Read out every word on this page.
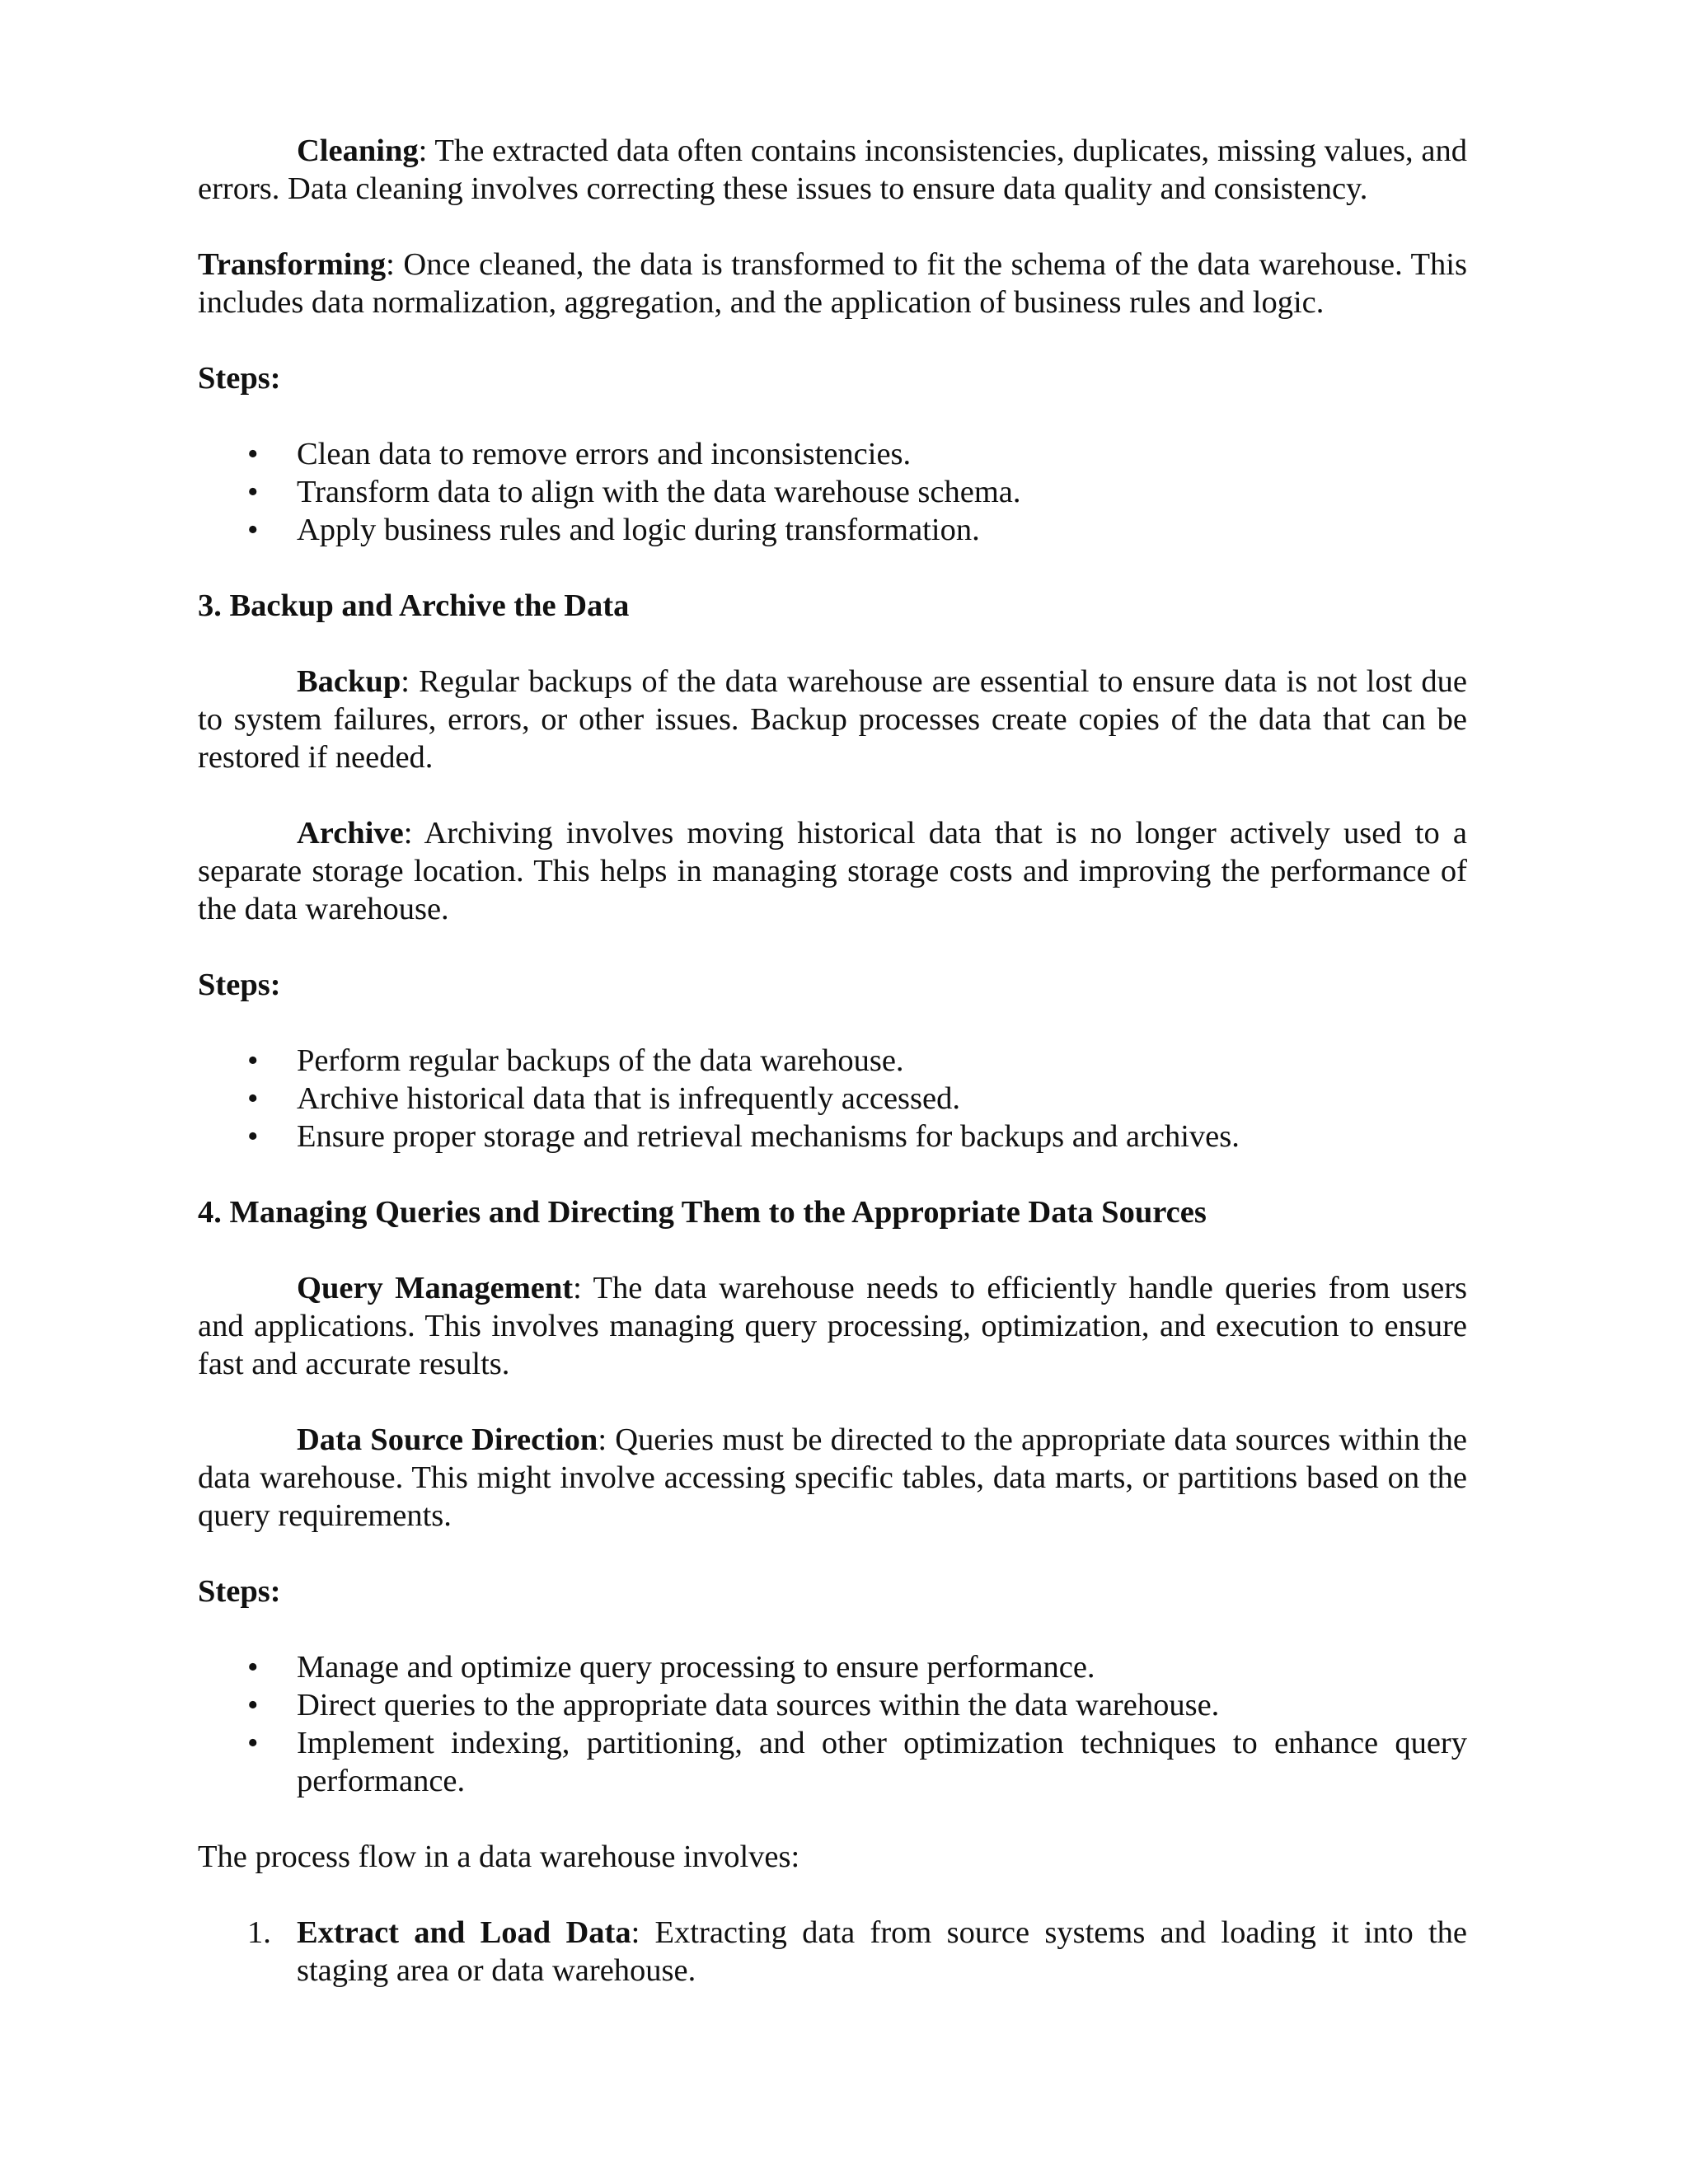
Cleaning: The extracted data often contains inconsistencies, duplicates, missing values, and errors. Data cleaning involves correcting these issues to ensure data quality and consistency.

Transforming: Once cleaned, the data is transformed to fit the schema of the data warehouse. This includes data normalization, aggregation, and the application of business rules and logic.

Steps:

• Clean data to remove errors and inconsistencies.
• Transform data to align with the data warehouse schema.
• Apply business rules and logic during transformation.
3. Backup and Archive the Data

Backup: Regular backups of the data warehouse are essential to ensure data is not lost due to system failures, errors, or other issues. Backup processes create copies of the data that can be restored if needed.

Archive: Archiving involves moving historical data that is no longer actively used to a separate storage location. This helps in managing storage costs and improving the performance of the data warehouse.

Steps:

• Perform regular backups of the data warehouse.
• Archive historical data that is infrequently accessed.
• Ensure proper storage and retrieval mechanisms for backups and archives.
4. Managing Queries and Directing Them to the Appropriate Data Sources

Query Management: The data warehouse needs to efficiently handle queries from users and applications. This involves managing query processing, optimization, and execution to ensure fast and accurate results.

Data Source Direction: Queries must be directed to the appropriate data sources within the data warehouse. This might involve accessing specific tables, data marts, or partitions based on the query requirements.

Steps:

• Manage and optimize query processing to ensure performance.
• Direct queries to the appropriate data sources within the data warehouse.
• Implement indexing, partitioning, and other optimization techniques to enhance query performance.

The process flow in a data warehouse involves:

1. Extract and Load Data: Extracting data from source systems and loading it into the staging area or data warehouse.
